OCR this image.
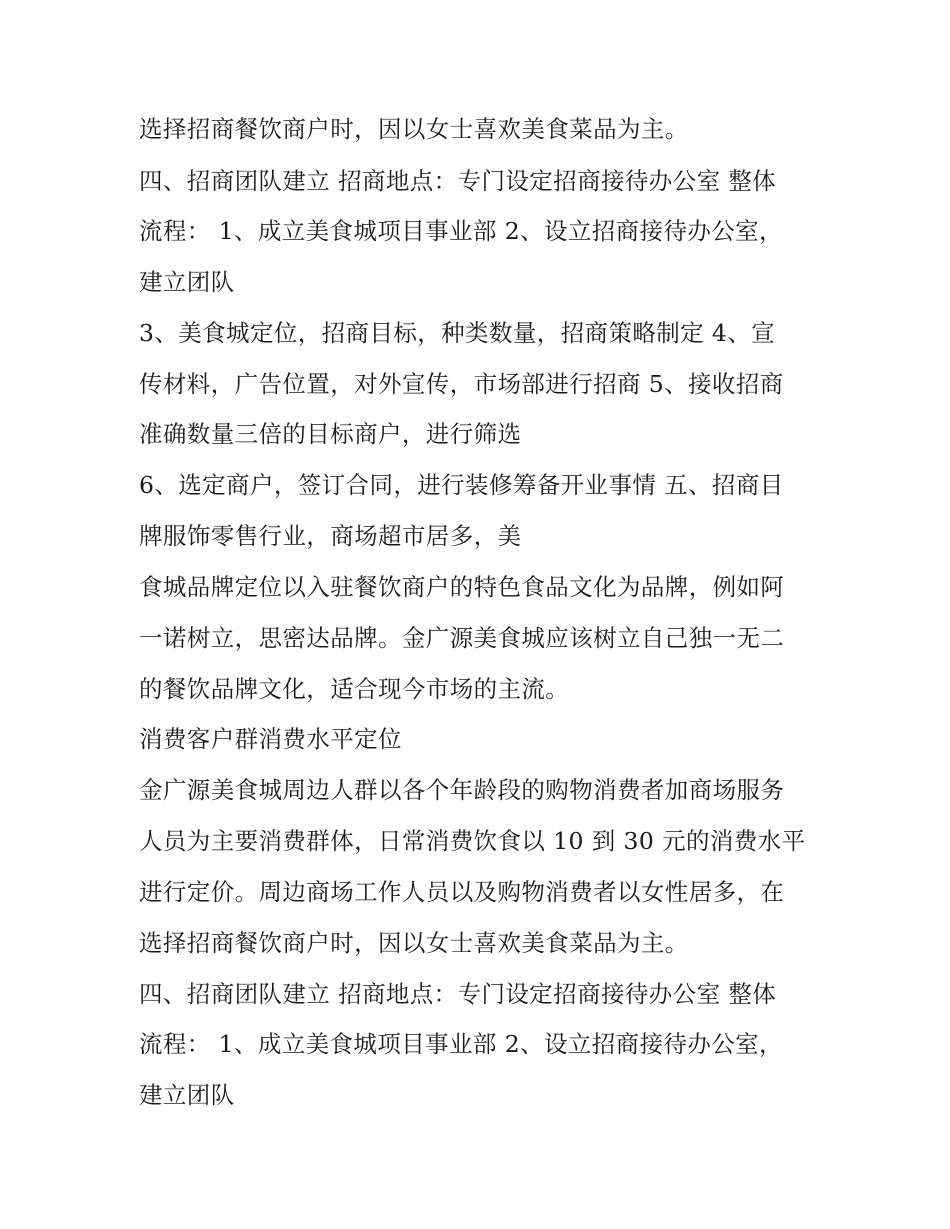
选择招商餐饮商户时，因以女士喜欢美食菜品为主。
四、招商团队建立 招商地点：专门设定招商接待办公室 整体
流程： 1、成立美食城项目事业部 2、设立招商接待办公室，
建立团队
3、美食城定位，招商目标，种类数量，招商策略制定 4、宣
传材料，广告位置，对外宣传，市场部进行招商 5、接收招商
准确数量三倍的目标商户，进行筛选
6、选定商户，签订合同，进行装修筹备开业事情 五、招商目
牌服饰零售行业，商场超市居多，美
食城品牌定位以入驻餐饮商户的特色食品文化为品牌，例如阿
一诺树立，思密达品牌。金广源美食城应该树立自己独一无二
的餐饮品牌文化，适合现今市场的主流。
消费客户群消费水平定位
金广源美食城周边人群以各个年龄段的购物消费者加商场服务
人员为主要消费群体，日常消费饮食以 10 到 30 元的消费水平
进行定价。周边商场工作人员以及购物消费者以女性居多，在
选择招商餐饮商户时，因以女士喜欢美食菜品为主。
四、招商团队建立 招商地点：专门设定招商接待办公室 整体
流程： 1、成立美食城项目事业部 2、设立招商接待办公室，
建立团队
